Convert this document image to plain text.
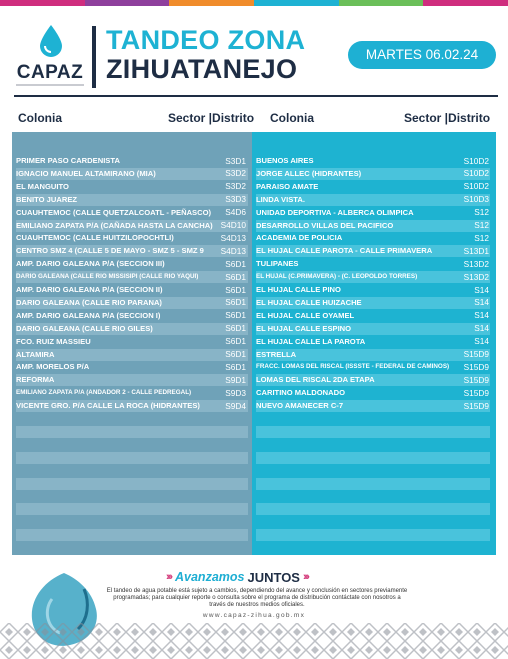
CAPAZ
TANDEO ZONA
ZIHUATANEJO	MARTES 06.02.24
Colonia	Sector |Distrito Colonia	Sector |Distrito
PRIMER PASO CARDENISTA	S3D1
IGNACIO MANUEL ALTAMIRANO (MIA)	S3D2
EL MANGUITO	S3D2
BENITO JUAREZ	S3D3
CUAUHTEMOC (CALLE QUETZALCOATL - PEÑASCO) S4D6
EMILIANO ZAPATA P/A (CAÑADA HASTA LA CANCHA) S4D10
CUAUHTEMOC (CALLE HUITZILOPOCHTLI)	S4D13
CENTRO SMZ 4 (CALLE 5 DE MAYO - SMZ 5 - SMZ 9 S4D13
AMP. DARIO GALEANA P/A (SECCION III)	S6D1
DARIO GALEANA (CALLE RIO MISSISIPI (CALLE RIO YAQUI)	S6D1
AMP. DARIO GALEANA P/A (SECCION II)	S6D1
DARIO GALEANA (CALLE RIO PARANA)	S6D1
AMP. DARIO GALEANA P/A (SECCION I)	S6D1
DARIO GALEANA (CALLE RIO GILES)	S6D1
FCO. RUIZ MASSIEU	S6D1
ALTAMIRA	S6D1
AMP. MORELOS P/A	S6D1
REFORMA	S9D1
EMILIANO ZAPATA P/A (ANDADOR 2 - CALLE PEDREGAL)	S9D3
VICENTE GRO. P/A CALLE LA ROCA (HIDRANTES)	S9D4
BUENOS AIRES	S10D2
JORGE ALLEC (HIDRANTES)	S10D2
PARAISO AMATE	S10D2
LINDA VISTA.	S10D3
UNIDAD DEPORTIVA - ALBERCA OLIMPICA	S12
DESARROLLO VILLAS DEL PACIFICO	S12
ACADEMIA DE POLICIA	S12
EL HUJAL CALLE PAROTA - CALLE PRIMAVERA	S13D1
TULIPANES	S13D2
EL HUJAL (C.PRIMAVERA) - (C. LEOPOLDO TORRES)	S13D2
EL HUJAL CALLE PINO	S14
EL HUJAL CALLE HUIZACHE	S14
EL HUJAL CALLE OYAMEL	S14
EL HUJAL CALLE ESPINO	S14
EL HUJAL CALLE LA PAROTA	S14
ESTRELLA	S15D9
FRACC. LOMAS DEL RISCAL (ISSSTE - FEDERAL DE CAMINOS) S15D9
LOMAS DEL RISCAL 2DA ETAPA	S15D9
CARITINO MALDONADO	S15D9
NUEVO AMANECER C-7	S15D9
››› Avanzamos JUNTOS ›››
El tandeo de agua potable está sujeto a cambios, dependiendo del avance y conclusión en sectores previamente
programadas; para cualquier reporte o consulta sobre el programa de distribución contáctate con nosotros a
través de nuestros medios oficiales.
www.capaz-zihua.gob.mx
